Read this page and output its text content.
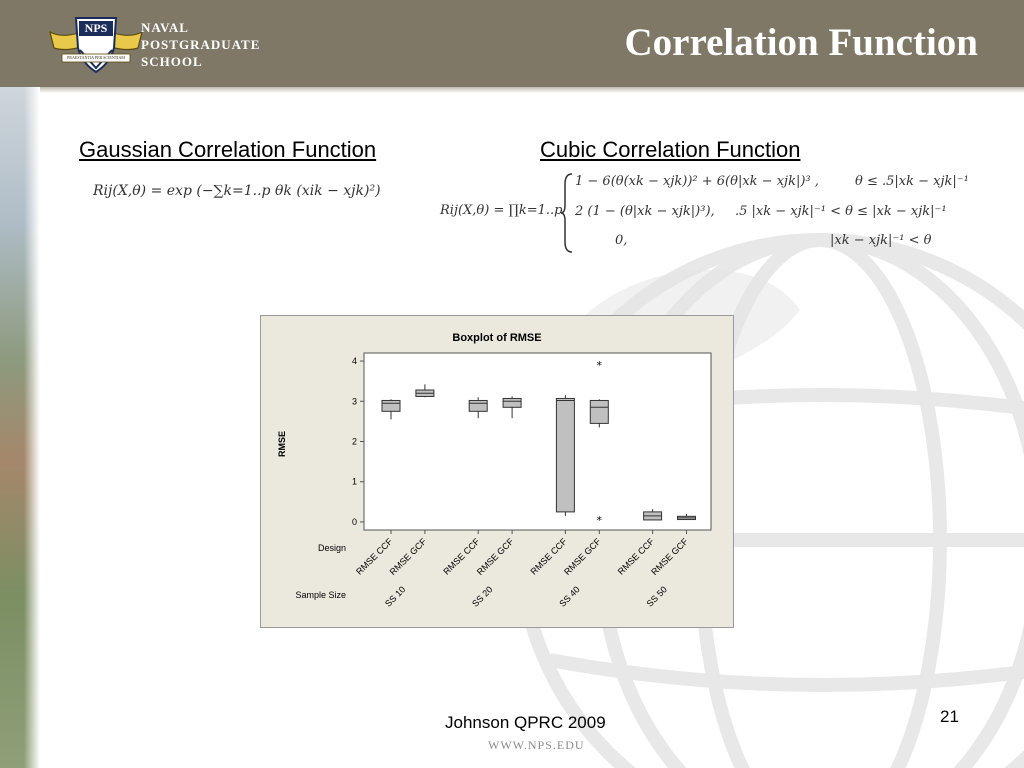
NPS
PRAESTANTIA PER SCIENTIAM
NAVAL
POSTGRADUATE
SCHOOL	Correlation Function
Gaussian Correlation Function	Cubic Correlation Function
Rij(X,θ) = exp (−∑k=1..p θk (xik − xjk)²)
Rij(X,θ) = ∏k=1..p
1 − 6(θ(xk − xjk))² + 6(θ|xk − xjk|)³ ,	θ ≤ .5|xk − xjk|⁻¹
2 (1 − (θ|xk − xjk|)³), .5 |xk − xjk|⁻¹ < θ ≤ |xk − xjk|⁻¹
0,	|xk − xjk|⁻¹ < θ
Boxplot of RMSE
RMSE
Design
Sample Size
0
1
2
3
4
RMSE CCF
RMSE GCF RMSE CCF
RMSE GCF RMSE CCF
*
*
RMSE GCF RMSE CCF
RMSE GCF
SS 10	SS 20	SS 40	SS 50
Johnson QPRC 2009
WWW.NPS.EDU
21
